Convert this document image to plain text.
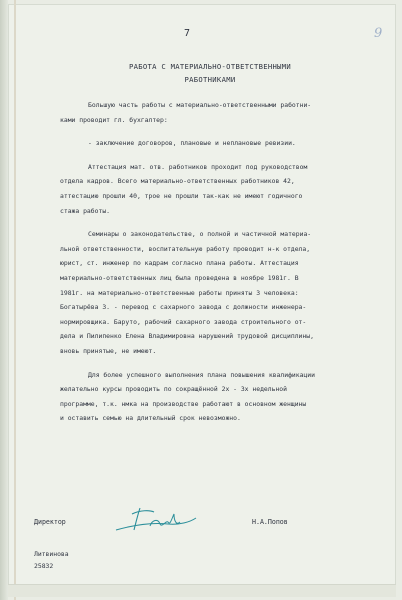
7	9
РАБОТА С МАТЕРИАЛЬНО-ОТВЕТСТВЕННЫМИ
РАБОТНИКАМИ
Большую часть работы с материально-ответственными работни-
ками проводит гл. бухгалтер:
- заключение договоров, плановые и неплановые ревизии.
Аттестация мат. отв. работников проходит под руководством
отдела кадров. Всего материально-ответственных работников 42,
аттестацию прошли 40, трое не прошли так-как не имеют годичного
стажа работы.
Семинары о законодательстве, о полной и частичной материа-
льной ответственности, воспитательную работу проводит н-к отдела,
юрист, ст. инженер по кадрам согласно плана работы. Аттестация
материально-ответственных лиц была проведена в ноябре 1981г. В
1981г. на материально-ответственные работы приняты 3 человека:
Богатырёва З. - перевод с сахарного завода с должности инженера-
нормировщика. Баруто, рабочий сахарного завода строительного от-
дела и Пилипенко Елена Владимировна нарушений трудовой дисциплины,
вновь принятые, не имеют.
Для более успешного выполнения плана повышения квалификации
желательно курсы проводить по сокращённой 2х - 3х недельной
программе, т.к. нмка на производстве работают в основном женщины
и оставить семью на длительный срок невозможно.
Директор	Н.А.Попов
Литвинова
25832
